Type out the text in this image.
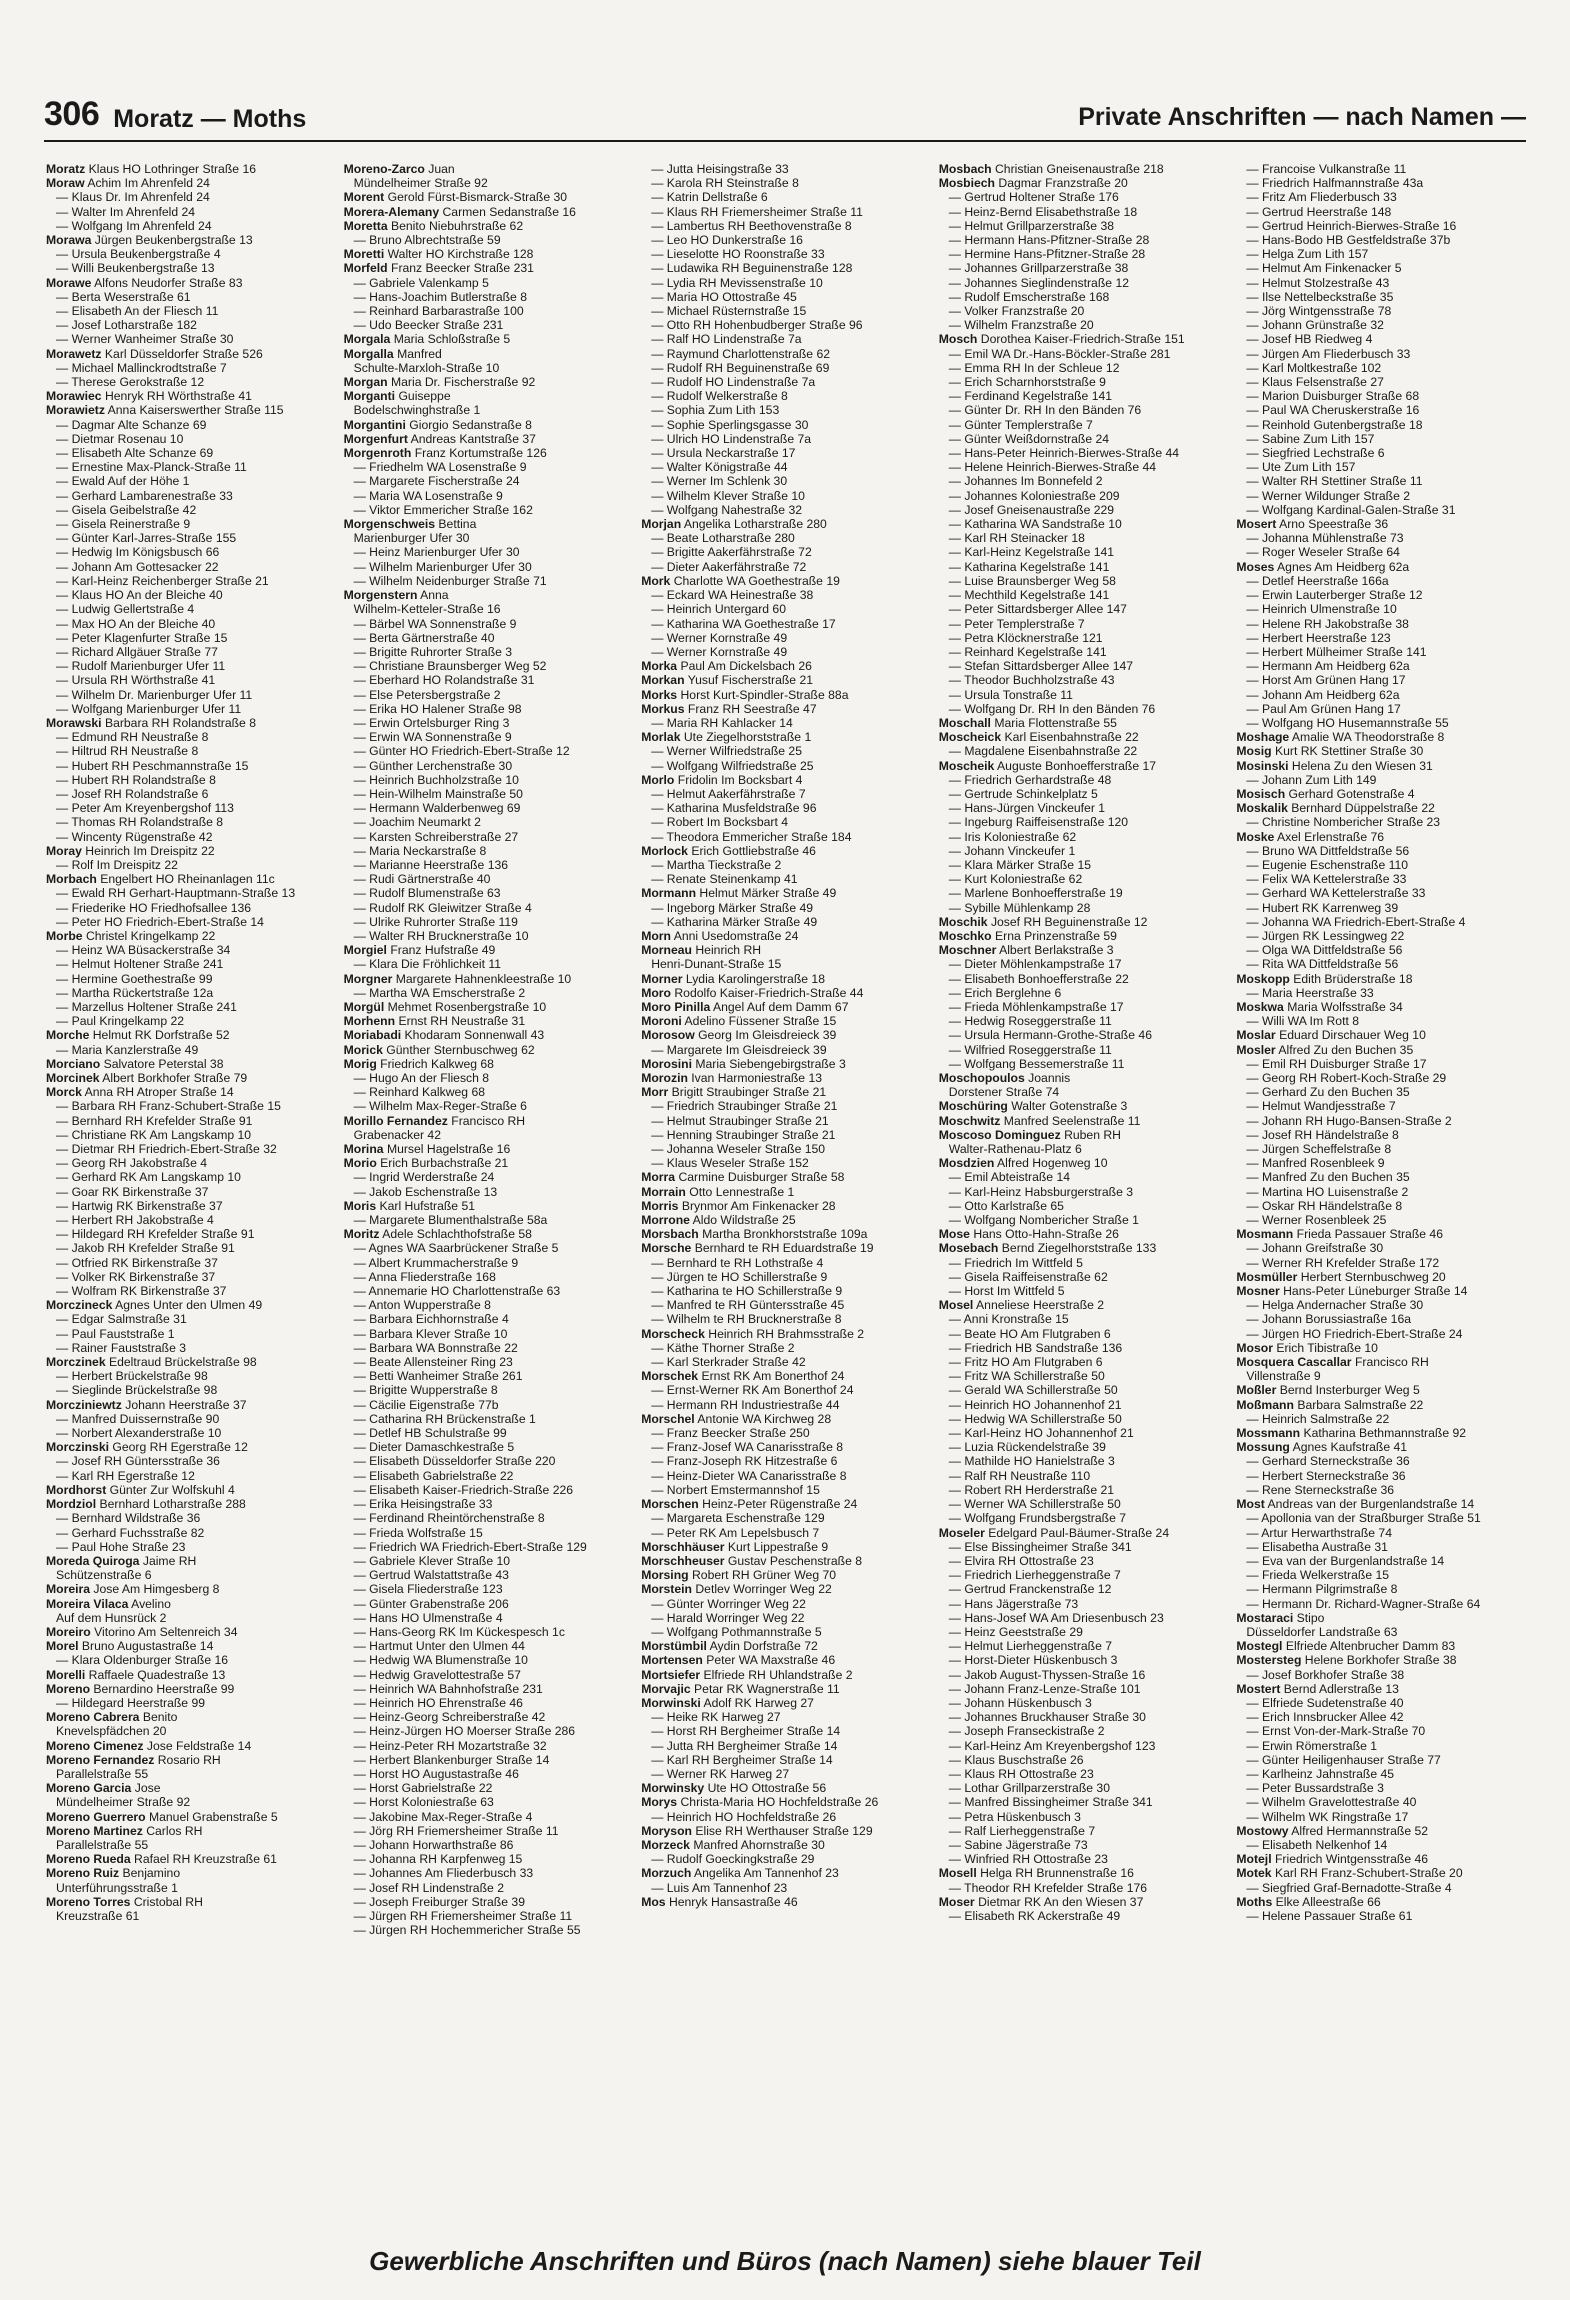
306 Moratz — Moths	Private Anschriften — nach Namen —
Moratz Klaus HO Lothringer Straße 16
Moraw Achim Im Ahrenfeld 24
— Klaus Dr. Im Ahrenfeld 24
— Walter Im Ahrenfeld 24
— Wolfgang Im Ahrenfeld 24
Morawa Jürgen Beukenbergstraße 13
— Ursula Beukenbergstraße 4
— Willi Beukenbergstraße 13
Morawe Alfons Neudorfer Straße 83
— Berta Weserstraße 61
— Elisabeth An der Fliesch 11
— Josef Lotharstraße 182
— Werner Wanheimer Straße 30
Morawetz Karl Düsseldorfer Straße 526
— Michael Mallinckrodtstraße 7
— Therese Gerokstraße 12
Morawiec Henryk RH Wörthstraße 41
Morawietz Anna Kaiserswerther Straße 115
— Dagmar Alte Schanze 69
— Dietmar Rosenau 10
— Elisabeth Alte Schanze 69
— Ernestine Max-Planck-Straße 11
— Ewald Auf der Höhe 1
— Gerhard Lambarenestraße 33
— Gisela Geibelstraße 42
— Gisela Reinerstraße 9
— Günter Karl-Jarres-Straße 155
— Hedwig Im Königsbusch 66
— Johann Am Gottesacker 22
— Karl-Heinz Reichenberger Straße 21
— Klaus HO An der Bleiche 40
— Ludwig Gellertstraße 4
— Max HO An der Bleiche 40
— Peter Klagenfurter Straße 15
— Richard Allgäuer Straße 77
— Rudolf Marienburger Ufer 11
— Ursula RH Wörthstraße 41
— Wilhelm Dr. Marienburger Ufer 11
— Wolfgang Marienburger Ufer 11
Morawski Barbara RH Rolandstraße 8
— Edmund RH Neustraße 8
— Hiltrud RH Neustraße 8
— Hubert RH Peschmannstraße 15
— Hubert RH Rolandstraße 8
— Josef RH Rolandstraße 6
— Peter Am Kreyenbergshof 113
— Thomas RH Rolandstraße 8
— Wincenty Rügenstraße 42
Moray Heinrich Im Dreispitz 22
— Rolf Im Dreispitz 22
Morbach Engelbert HO Rheinanlagen 11c
— Ewald RH Gerhart-Hauptmann-Straße 13
— Friederike HO Friedhofsallee 136
— Peter HO Friedrich-Ebert-Straße 14
Morbe Christel Kringelkamp 22
— Heinz WA Büsackerstraße 34
— Helmut Holtener Straße 241
— Hermine Goethestraße 99
— Martha Rückertstraße 12a
— Marzellus Holtener Straße 241
— Paul Kringelkamp 22
Morche Helmut RK Dorfstraße 52
— Maria Kanzlerstraße 49
Morciano Salvatore Peterstal 38
Morcinek Albert Borkhofer Straße 79
Morck Anna RH Atroper Straße 14
— Barbara RH Franz-Schubert-Straße 15
— Bernhard RH Krefelder Straße 91
— Christiane RK Am Langskamp 10
— Dietmar RH Friedrich-Ebert-Straße 32
— Georg RH Jakobstraße 4
— Gerhard RK Am Langskamp 10
— Goar RK Birkenstraße 37
— Hartwig RK Birkenstraße 37
— Herbert RH Jakobstraße 4
— Hildegard RH Krefelder Straße 91
— Jakob RH Krefelder Straße 91
— Otfried RK Birkenstraße 37
— Volker RK Birkenstraße 37
— Wolfram RK Birkenstraße 37
Morczineck Agnes Unter den Ulmen 49
— Edgar Salmstraße 31
— Paul Fauststraße 1
— Rainer Fauststraße 3
Morczinek Edeltraud Brückelstraße 98
— Herbert Brückelstraße 98
— Sieglinde Brückelstraße 98
Morcziniewtz Johann Heerstraße 37
— Manfred Duissernstraße 90
— Norbert Alexanderstraße 10
Morczinski Georg RH Egerstraße 12
— Josef RH Güntersstraße 36
— Karl RH Egerstraße 12
Mordhorst Günter Zur Wolfskuhl 4
Mordziol Bernhard Lotharstraße 288
— Bernhard Wildstraße 36
— Gerhard Fuchsstraße 82
— Paul Hohe Straße 23
Moreda Quiroga Jaime RH
Schützenstraße 6
Moreira Jose Am Himgesberg 8
Moreira Vilaca Avelino
Auf dem Hunsrück 2
Moreiro Vitorino Am Seltenreich 34
Morel Bruno Augustastraße 14
— Klara Oldenburger Straße 16
Morelli Raffaele Quadestraße 13
Moreno Bernardino Heerstraße 99
— Hildegard Heerstraße 99
Moreno Cabrera Benito
Knevelspfädchen 20
Moreno Cimenez Jose Feldstraße 14
Moreno Fernandez Rosario RH
Parallelstraße 55
Moreno Garcia Jose
Mündelheimer Straße 92
Moreno Guerrero Manuel Grabenstraße 5
Moreno Martinez Carlos RH
Parallelstraße 55
Moreno Rueda Rafael RH Kreuzstraße 61
Moreno Ruiz Benjamino
Unterführungsstraße 1
Moreno Torres Cristobal RH
Kreuzstraße 61
Moreno-Zarco Juan
Mündelheimer Straße 92
Morent Gerold Fürst-Bismarck-Straße 30
Morera-Alemany Carmen Sedanstraße 16
Moretta Benito Niebuhrstraße 62
— Bruno Albrechtstraße 59
Moretti Walter HO Kirchstraße 128
Morfeld Franz Beecker Straße 231
— Gabriele Valenkamp 5
— Hans-Joachim Butlerstraße 8
— Reinhard Barbarastraße 100
— Udo Beecker Straße 231
Morgala Maria Schloßstraße 5
Morgalla Manfred
Schulte-Marxloh-Straße 10
Morgan Maria Dr. Fischerstraße 92
Morganti Guiseppe
Bodelschwinghstraße 1
Morgantini Giorgio Sedanstraße 8
Morgenfurt Andreas Kantstraße 37
Morgenroth Franz Kortumstraße 126
— Friedhelm WA Losenstraße 9
— Margarete Fischerstraße 24
— Maria WA Losenstraße 9
— Viktor Emmericher Straße 162
Morgenschweis Bettina
Marienburger Ufer 30
— Heinz Marienburger Ufer 30
— Wilhelm Marienburger Ufer 30
— Wilhelm Neidenburger Straße 71
Morgenstern Anna
Wilhelm-Ketteler-Straße 16
— Bärbel WA Sonnenstraße 9
— Berta Gärtnerstraße 40
— Brigitte Ruhrorter Straße 3
— Christiane Braunsberger Weg 52
— Eberhard HO Rolandstraße 31
— Else Petersbergstraße 2
— Erika HO Halener Straße 98
— Erwin Ortelsburger Ring 3
— Erwin WA Sonnenstraße 9
— Günter HO Friedrich-Ebert-Straße 12
— Günther Lerchenstraße 30
— Heinrich Buchholzstraße 10
— Hein-Wilhelm Mainstraße 50
— Hermann Walderbenweg 69
— Joachim Neumarkt 2
— Karsten Schreiberstraße 27
— Maria Neckarstraße 8
— Marianne Heerstraße 136
— Rudi Gärtnerstraße 40
— Rudolf Blumenstraße 63
— Rudolf RK Gleiwitzer Straße 4
— Ulrike Ruhrorter Straße 119
— Walter RH Brucknerstraße 10
Morgiel Franz Hufstraße 49
— Klara Die Fröhlichkeit 11
Morgner Margarete Hahnenkleestraße 10
— Martha WA Emscherstraße 2
Morgül Mehmet Rosenbergstraße 10
Morhenn Ernst RH Neustraße 31
Moriabadi Khodaram Sonnenwall 43
Morick Günther Sternbuschweg 62
Morig Friedrich Kalkweg 68
— Hugo An der Fliesch 8
— Reinhard Kalkweg 68
— Wilhelm Max-Reger-Straße 6
Morillo Fernandez Francisco RH
Grabenacker 42
Morina Mursel Hagelstraße 16
Morio Erich Burbachstraße 21
— Ingrid Werderstraße 24
— Jakob Eschenstraße 13
Moris Karl Hufstraße 51
— Margarete Blumenthalstraße 58a
Moritz Adele Schlachthofstraße 58
— Agnes WA Saarbrückener Straße 5
— Albert Krummacherstraße 9
— Anna Fliederstraße 168
— Annemarie HO Charlottenstraße 63
— Anton Wupperstraße 8
— Barbara Eichhornstraße 4
— Barbara Klever Straße 10
— Barbara WA Bonnstraße 22
— Beate Allensteiner Ring 23
— Betti Wanheimer Straße 261
— Brigitte Wupperstraße 8
— Cäcilie Eigenstraße 77b
— Catharina RH Brückenstraße 1
— Detlef HB Schulstraße 99
— Dieter Damaschkestraße 5
— Elisabeth Düsseldorfer Straße 220
— Elisabeth Gabrielstraße 22
— Elisabeth Kaiser-Friedrich-Straße 226
— Erika Heisingstraße 33
— Ferdinand Rheintörchenstraße 8
— Frieda Wolfstraße 15
— Friedrich WA Friedrich-Ebert-Straße 129
— Gabriele Klever Straße 10
— Gertrud Walstattstraße 43
— Gisela Fliederstraße 123
— Günter Grabenstraße 206
— Hans HO Ulmenstraße 4
— Hans-Georg RK Im Kückespesch 1c
— Hartmut Unter den Ulmen 44
— Hedwig WA Blumenstraße 10
— Hedwig Gravelottestraße 57
— Heinrich WA Bahnhofstraße 231
— Heinrich HO Ehrenstraße 46
— Heinz-Georg Schreiberstraße 42
— Heinz-Jürgen HO Moerser Straße 286
— Heinz-Peter RH Mozartstraße 32
— Herbert Blankenburger Straße 14
— Horst HO Augustastraße 46
— Horst Gabrielstraße 22
— Horst Koloniestraße 63
— Jakobine Max-Reger-Straße 4
— Jörg RH Friemersheimer Straße 11
— Johann Horwarthstraße 86
— Johanna RH Karpfenweg 15
— Johannes Am Fliederbusch 33
— Josef RH Lindenstraße 2
— Joseph Freiburger Straße 39
— Jürgen RH Friemersheimer Straße 11
— Jürgen RH Hochemmericher Straße 55
— Jutta Heisingstraße 33
— Karola RH Steinstraße 8
— Katrin Dellstraße 6
— Klaus RH Friemersheimer Straße 11
— Lambertus RH Beethovenstraße 8
— Leo HO Dunkerstraße 16
— Lieselotte HO Roonstraße 33
— Ludawika RH Beguinenstraße 128
— Lydia RH Mevissenstraße 10
— Maria HO Ottostraße 45
— Michael Rüsternstraße 15
— Otto RH Hohenbudberger Straße 96
— Ralf HO Lindenstraße 7a
— Raymund Charlottenstraße 62
— Rudolf RH Beguinenstraße 69
— Rudolf HO Lindenstraße 7a
— Rudolf Welkerstraße 8
— Sophia Zum Lith 153
— Sophie Sperlingsgasse 30
— Ulrich HO Lindenstraße 7a
— Ursula Neckarstraße 17
— Walter Königstraße 44
— Werner Im Schlenk 30
— Wilhelm Klever Straße 10
— Wolfgang Nahestraße 32
Morjan Angelika Lotharstraße 280
— Beate Lotharstraße 280
— Brigitte Aakerfährstraße 72
— Dieter Aakerfährstraße 72
Mork Charlotte WA Goethestraße 19
— Eckard WA Heinestraße 38
— Heinrich Untergard 60
— Katharina WA Goethestraße 17
— Werner Kornstraße 49
— Werner Kornstraße 49
Morka Paul Am Dickelsbach 26
Morkan Yusuf Fischerstraße 21
Morks Horst Kurt-Spindler-Straße 88a
Morkus Franz RH Seestraße 47
— Maria RH Kahlacker 14
Morlak Ute Ziegelhorststraße 1
— Werner Wilfriedstraße 25
— Wolfgang Wilfriedstraße 25
Morlo Fridolin Im Bocksbart 4
— Helmut Aakerfährstraße 7
— Katharina Musfeldstraße 96
— Robert Im Bocksbart 4
— Theodora Emmericher Straße 184
Morlock Erich Gottliebstraße 46
— Martha Tieckstraße 2
— Renate Steinenkamp 41
Mormann Helmut Märker Straße 49
— Ingeborg Märker Straße 49
— Katharina Märker Straße 49
Morn Anni Usedomstraße 24
Morneau Heinrich RH
Henri-Dunant-Straße 15
Morner Lydia Karolingerstraße 18
Moro Rodolfo Kaiser-Friedrich-Straße 44
Moro Pinilla Angel Auf dem Damm 67
Moroni Adelino Füssener Straße 15
Morosow Georg Im Gleisdreieck 39
— Margarete Im Gleisdreieck 39
Morosini Maria Siebengebirgstraße 3
Morozin Ivan Harmoniestraße 13
Morr Brigitt Straubinger Straße 21
— Friedrich Straubinger Straße 21
— Helmut Straubinger Straße 21
— Henning Straubinger Straße 21
— Johanna Weseler Straße 150
— Klaus Weseler Straße 152
Morra Carmine Duisburger Straße 58
Morrain Otto Lennestraße 1
Morris Brynmor Am Finkenacker 28
Morrone Aldo Wildstraße 25
Morsbach Martha Bronkhorststraße 109a
Morsche Bernhard te RH Eduardstraße 19
— Bernhard te RH Lothstraße 4
— Jürgen te HO Schillerstraße 9
— Katharina te HO Schillerstraße 9
— Manfred te RH Güntersstraße 45
— Wilhelm te RH Brucknerstraße 8
Morscheck Heinrich RH Brahmsstraße 2
— Käthe Thorner Straße 2
— Karl Sterkrader Straße 42
Morschek Ernst RK Am Bonerthof 24
— Ernst-Werner RK Am Bonerthof 24
— Hermann RH Industriestraße 44
Morschel Antonie WA Kirchweg 28
— Franz Beecker Straße 250
— Franz-Josef WA Canarisstraße 8
— Franz-Joseph RK Hitzestraße 6
— Heinz-Dieter WA Canarisstraße 8
— Norbert Emstermannshof 15
Morschen Heinz-Peter Rügenstraße 24
— Margareta Eschenstraße 129
— Peter RK Am Lepelsbusch 7
Morschhäuser Kurt Lippestraße 9
Morschheuser Gustav Peschenstraße 8
Morsing Robert RH Grüner Weg 70
Morstein Detlev Worringer Weg 22
— Günter Worringer Weg 22
— Harald Worringer Weg 22
— Wolfgang Pothmannstraße 5
Morstümbil Aydin Dorfstraße 72
Mortensen Peter WA Maxstraße 46
Mortsiefer Elfriede RH Uhlandstraße 2
Morvajic Petar RK Wagnerstraße 11
Morwinski Adolf RK Harweg 27
— Heike RK Harweg 27
— Horst RH Bergheimer Straße 14
— Jutta RH Bergheimer Straße 14
— Karl RH Bergheimer Straße 14
— Werner RK Harweg 27
Morwinsky Ute HO Ottostraße 56
Morys Christa-Maria HO Hochfeldstraße 26
— Heinrich HO Hochfeldstraße 26
Moryson Elise RH Werthauser Straße 129
Morzeck Manfred Ahornstraße 30
— Rudolf Goeckingkstraße 29
Morzuch Angelika Am Tannenhof 23
— Luis Am Tannenhof 23
Mos Henryk Hansastraße 46
Mosbach Christian Gneisenaustraße 218
Mosbiech Dagmar Franzstraße 20
— Gertrud Holtener Straße 176
— Heinz-Bernd Elisabethstraße 18
— Helmut Grillparzerstraße 38
— Hermann Hans-Pfitzner-Straße 28
— Hermine Hans-Pfitzner-Straße 28
— Johannes Grillparzerstraße 38
— Johannes Sieglindenstraße 12
— Rudolf Emscherstraße 168
— Volker Franzstraße 20
— Wilhelm Franzstraße 20
Mosch Dorothea Kaiser-Friedrich-Straße 151
— Emil WA Dr.-Hans-Böckler-Straße 281
— Emma RH In der Schleue 12
— Erich Scharnhorststraße 9
— Ferdinand Kegelstraße 141
— Günter Dr. RH In den Bänden 76
— Günter Templerstraße 7
— Günter Weißdornstraße 24
— Hans-Peter Heinrich-Bierwes-Straße 44
— Helene Heinrich-Bierwes-Straße 44
— Johannes Im Bonnefeld 2
— Johannes Koloniestraße 209
— Josef Gneisenaustraße 229
— Katharina WA Sandstraße 10
— Karl RH Steinacker 18
— Karl-Heinz Kegelstraße 141
— Katharina Kegelstraße 141
— Luise Braunsberger Weg 58
— Mechthild Kegelstraße 141
— Peter Sittardsberger Allee 147
— Peter Templerstraße 7
— Petra Klöcknerstraße 121
— Reinhard Kegelstraße 141
— Stefan Sittardsberger Allee 147
— Theodor Buchholzstraße 43
— Ursula Tonstraße 11
— Wolfgang Dr. RH In den Bänden 76
Moschall Maria Flottenstraße 55
Moscheick Karl Eisenbahnstraße 22
— Magdalene Eisenbahnstraße 22
Moscheik Auguste Bonhoefferstraße 17
— Friedrich Gerhardstraße 48
— Gertrude Schinkelplatz 5
— Hans-Jürgen Vinckeufer 1
— Ingeburg Raiffeisenstraße 120
— Iris Koloniestraße 62
— Johann Vinckeufer 1
— Klara Märker Straße 15
— Kurt Koloniestraße 62
— Marlene Bonhoefferstraße 19
— Sybille Mühlenkamp 28
Moschik Josef RH Beguinenstraße 12
Moschko Erna Prinzenstraße 59
Moschner Albert Berlakstraße 3
— Dieter Möhlenkampstraße 17
— Elisabeth Bonhoefferstraße 22
— Erich Berglehne 6
— Frieda Möhlenkampstraße 17
— Hedwig Roseggerstraße 11
— Ursula Hermann-Grothe-Straße 46
— Wilfried Roseggerstraße 11
— Wolfgang Bessemerstraße 11
Moschopoulos Joannis
Dorstener Straße 74
Moschüring Walter Gotenstraße 3
Moschwitz Manfred Seelenstraße 11
Moscoso Dominguez Ruben RH
Walter-Rathenau-Platz 6
Mosdzien Alfred Hogenweg 10
— Emil Abteistraße 14
— Karl-Heinz Habsburgerstraße 3
— Otto Karlstraße 65
— Wolfgang Nombericher Straße 1
Mose Hans Otto-Hahn-Straße 26
Mosebach Bernd Ziegelhorststraße 133
— Friedrich Im Wittfeld 5
— Gisela Raiffeisenstraße 62
— Horst Im Wittfeld 5
Mosel Anneliese Heerstraße 2
— Anni Kronstraße 15
— Beate HO Am Flutgraben 6
— Friedrich HB Sandstraße 136
— Fritz HO Am Flutgraben 6
— Fritz WA Schillerstraße 50
— Gerald WA Schillerstraße 50
— Heinrich HO Johannenhof 21
— Hedwig WA Schillerstraße 50
— Karl-Heinz HO Johannenhof 21
— Luzia Rückendelstraße 39
— Mathilde HO Hanielstraße 3
— Ralf RH Neustraße 110
— Robert RH Herderstraße 21
— Werner WA Schillerstraße 50
— Wolfgang Frundsbergstraße 7
Moseler Edelgard Paul-Bäumer-Straße 24
— Else Bissingheimer Straße 341
— Elvira RH Ottostraße 23
— Friedrich Lierheggenstraße 7
— Gertrud Franckenstraße 12
— Hans Jägerstraße 73
— Hans-Josef WA Am Driesenbusch 23
— Heinz Geeststraße 29
— Helmut Lierheggenstraße 7
— Horst-Dieter Hüskenbusch 3
— Jakob August-Thyssen-Straße 16
— Johann Franz-Lenze-Straße 101
— Johann Hüskenbusch 3
— Johannes Bruckhauser Straße 30
— Joseph Franseckistraße 2
— Karl-Heinz Am Kreyenbergshof 123
— Klaus Buschstraße 26
— Klaus RH Ottostraße 23
— Lothar Grillparzerstraße 30
— Manfred Bissingheimer Straße 341
— Petra Hüskenbusch 3
— Ralf Lierheggenstraße 7
— Sabine Jägerstraße 73
— Winfried RH Ottostraße 23
Mosell Helga RH Brunnenstraße 16
— Theodor RH Krefelder Straße 176
Moser Dietmar RK An den Wiesen 37
— Elisabeth RK Ackerstraße 49
— Francoise Vulkanstraße 11
— Friedrich Halfmannstraße 43a
— Fritz Am Fliederbusch 33
— Gertrud Heerstraße 148
— Gertrud Heinrich-Bierwes-Straße 16
— Hans-Bodo HB Gestfeldstraße 37b
— Helga Zum Lith 157
— Helmut Am Finkenacker 5
— Helmut Stolzestraße 43
— Ilse Nettelbeckstraße 35
— Jörg Wintgensstraße 78
— Johann Grünstraße 32
— Josef HB Riedweg 4
— Jürgen Am Fliederbusch 33
— Karl Moltkestraße 102
— Klaus Felsenstraße 27
— Marion Duisburger Straße 68
— Paul WA Cheruskerstraße 16
— Reinhold Gutenbergstraße 18
— Sabine Zum Lith 157
— Siegfried Lechstraße 6
— Ute Zum Lith 157
— Walter RH Stettiner Straße 11
— Werner Wildunger Straße 2
— Wolfgang Kardinal-Galen-Straße 31
Mosert Arno Speestraße 36
— Johanna Mühlenstraße 73
— Roger Weseler Straße 64
Moses Agnes Am Heidberg 62a
— Detlef Heerstraße 166a
— Erwin Lauterberger Straße 12
— Heinrich Ulmenstraße 10
— Helene RH Jakobstraße 38
— Herbert Heerstraße 123
— Herbert Mülheimer Straße 141
— Hermann Am Heidberg 62a
— Horst Am Grünen Hang 17
— Johann Am Heidberg 62a
— Paul Am Grünen Hang 17
— Wolfgang HO Husemannstraße 55
Moshage Amalie WA Theodorstraße 8
Mosig Kurt RK Stettiner Straße 30
Mosinski Helena Zu den Wiesen 31
— Johann Zum Lith 149
Mosisch Gerhard Gotenstraße 4
Moskalik Bernhard Düppelstraße 22
— Christine Nombericher Straße 23
Moske Axel Erlenstraße 76
— Bruno WA Dittfeldstraße 56
— Eugenie Eschenstraße 110
— Felix WA Kettelerstraße 33
— Gerhard WA Kettelerstraße 33
— Hubert RK Karrenweg 39
— Johanna WA Friedrich-Ebert-Straße 4
— Jürgen RK Lessingweg 22
— Olga WA Dittfeldstraße 56
— Rita WA Dittfeldstraße 56
Moskopp Edith Brüderstraße 18
— Maria Heerstraße 33
Moskwa Maria Wolfsstraße 34
— Willi WA Im Rott 8
Moslar Eduard Dirschauer Weg 10
Mosler Alfred Zu den Buchen 35
— Emil RH Duisburger Straße 17
— Georg RH Robert-Koch-Straße 29
— Gerhard Zu den Buchen 35
— Helmut Wandjesstraße 7
— Johann RH Hugo-Bansen-Straße 2
— Josef RH Händelstraße 8
— Jürgen Scheffelstraße 8
— Manfred Rosenbleek 9
— Manfred Zu den Buchen 35
— Martina HO Luisenstraße 2
— Oskar RH Händelstraße 8
— Werner Rosenbleek 25
Mosmann Frieda Passauer Straße 46
— Johann Greifstraße 30
— Werner RH Krefelder Straße 172
Mosmüller Herbert Sternbuschweg 20
Mosner Hans-Peter Lüneburger Straße 14
— Helga Andernacher Straße 30
— Johann Borussiastraße 16a
— Jürgen HO Friedrich-Ebert-Straße 24
Mosor Erich Tibistraße 10
Mosquera Cascallar Francisco RH
Villenstraße 9
Moßler Bernd Insterburger Weg 5
Moßmann Barbara Salmstraße 22
— Heinrich Salmstraße 22
Mossmann Katharina Bethmannstraße 92
Mossung Agnes Kaufstraße 41
— Gerhard Sterneckstraße 36
— Herbert Sterneckstraße 36
— Rene Sterneckstraße 36
Most Andreas van der Burgenlandstraße 14
— Apollonia van der Straßburger Straße 51
— Artur Herwarthstraße 74
— Elisabetha Austraße 31
— Eva van der Burgenlandstraße 14
— Frieda Welkerstraße 15
— Hermann Pilgrimstraße 8
— Hermann Dr. Richard-Wagner-Straße 64
Mostaraci Stipo
Düsseldorfer Landstraße 63
Mostegl Elfriede Altenbrucher Damm 83
Mostersteg Helene Borkhofer Straße 38
— Josef Borkhofer Straße 38
Mostert Bernd Adlerstraße 13
— Elfriede Sudetenstraße 40
— Erich Innsbrucker Allee 42
— Ernst Von-der-Mark-Straße 70
— Erwin Römerstraße 1
— Günter Heiligenhauser Straße 77
— Karlheinz Jahnstraße 45
— Peter Bussardstraße 3
— Wilhelm Gravelottestraße 40
— Wilhelm WK Ringstraße 17
Mostowy Alfred Hermannstraße 52
— Elisabeth Nelkenhof 14
Motejl Friedrich Wintgensstraße 46
Motek Karl RH Franz-Schubert-Straße 20
— Siegfried Graf-Bernadotte-Straße 4
Moths Elke Alleestraße 66
— Helene Passauer Straße 61
Gewerbliche Anschriften und Büros (nach Namen) siehe blauer Teil
